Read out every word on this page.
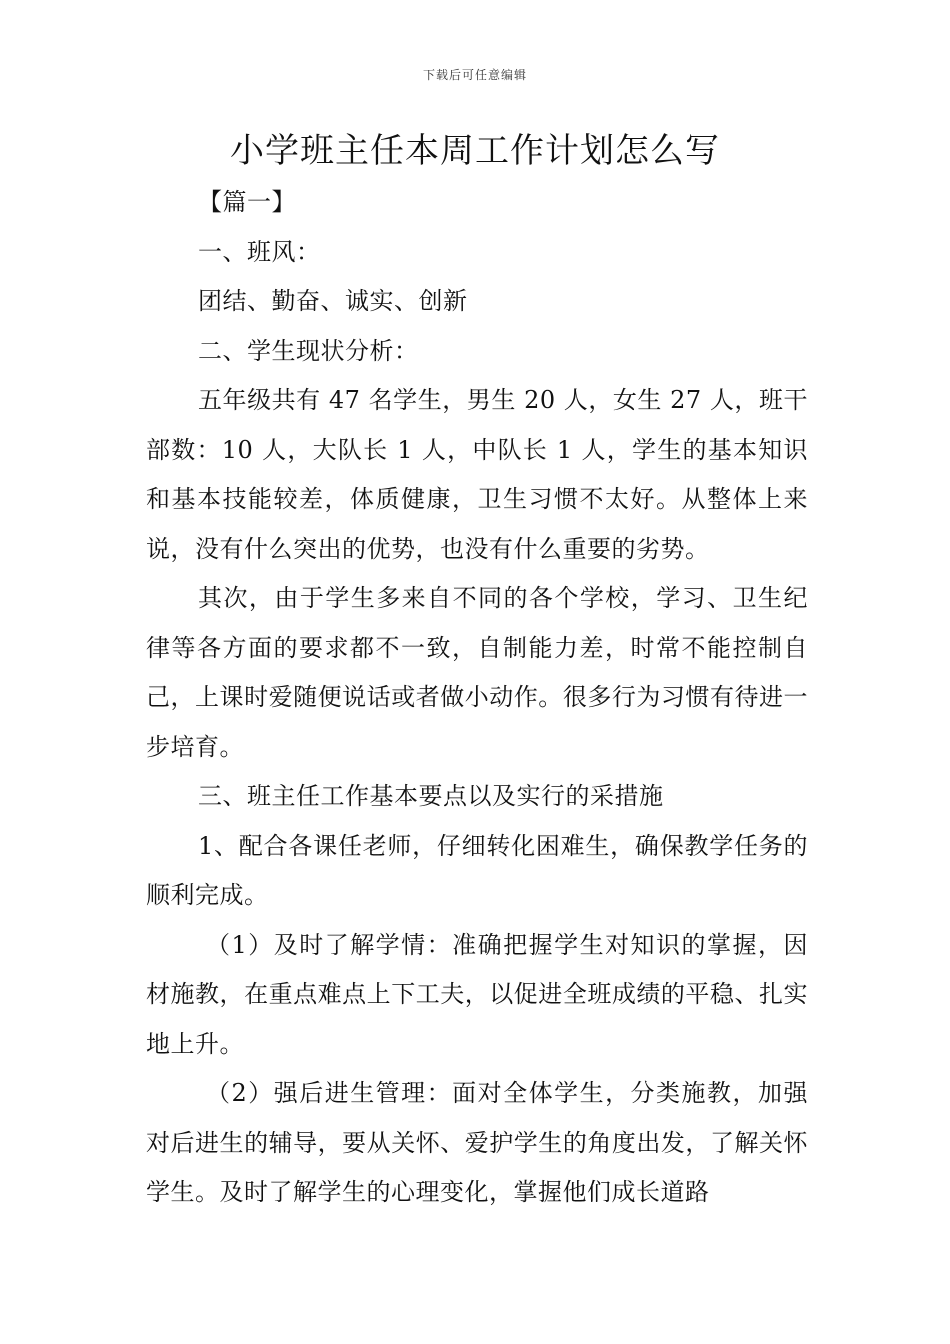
下载后可任意编辑
小学班主任本周工作计划怎么写

【篇一】

一、班风：

团结、勤奋、诚实、创新

二、学生现状分析：

五年级共有 47 名学生，男生 20 人，女生 27 人，班干部数：10 人，大队长 1 人，中队长 1 人，学生的基本知识和基本技能较差，体质健康，卫生习惯不太好。从整体上来说，没有什么突出的优势，也没有什么重要的劣势。

其次，由于学生多来自不同的各个学校，学习、卫生纪律等各方面的要求都不一致，自制能力差，时常不能控制自己，上课时爱随便说话或者做小动作。很多行为习惯有待进一步培育。

三、班主任工作基本要点以及实行的采措施

1、配合各课任老师，仔细转化困难生，确保教学任务的顺利完成。

（1）及时了解学情：准确把握学生对知识的掌握，因材施教，在重点难点上下工夫，以促进全班成绩的平稳、扎实地上升。

（2）强后进生管理：面对全体学生，分类施教，加强对后进生的辅导，要从关怀、爱护学生的角度出发，了解关怀学生。及时了解学生的心理变化，掌握他们成长道路
